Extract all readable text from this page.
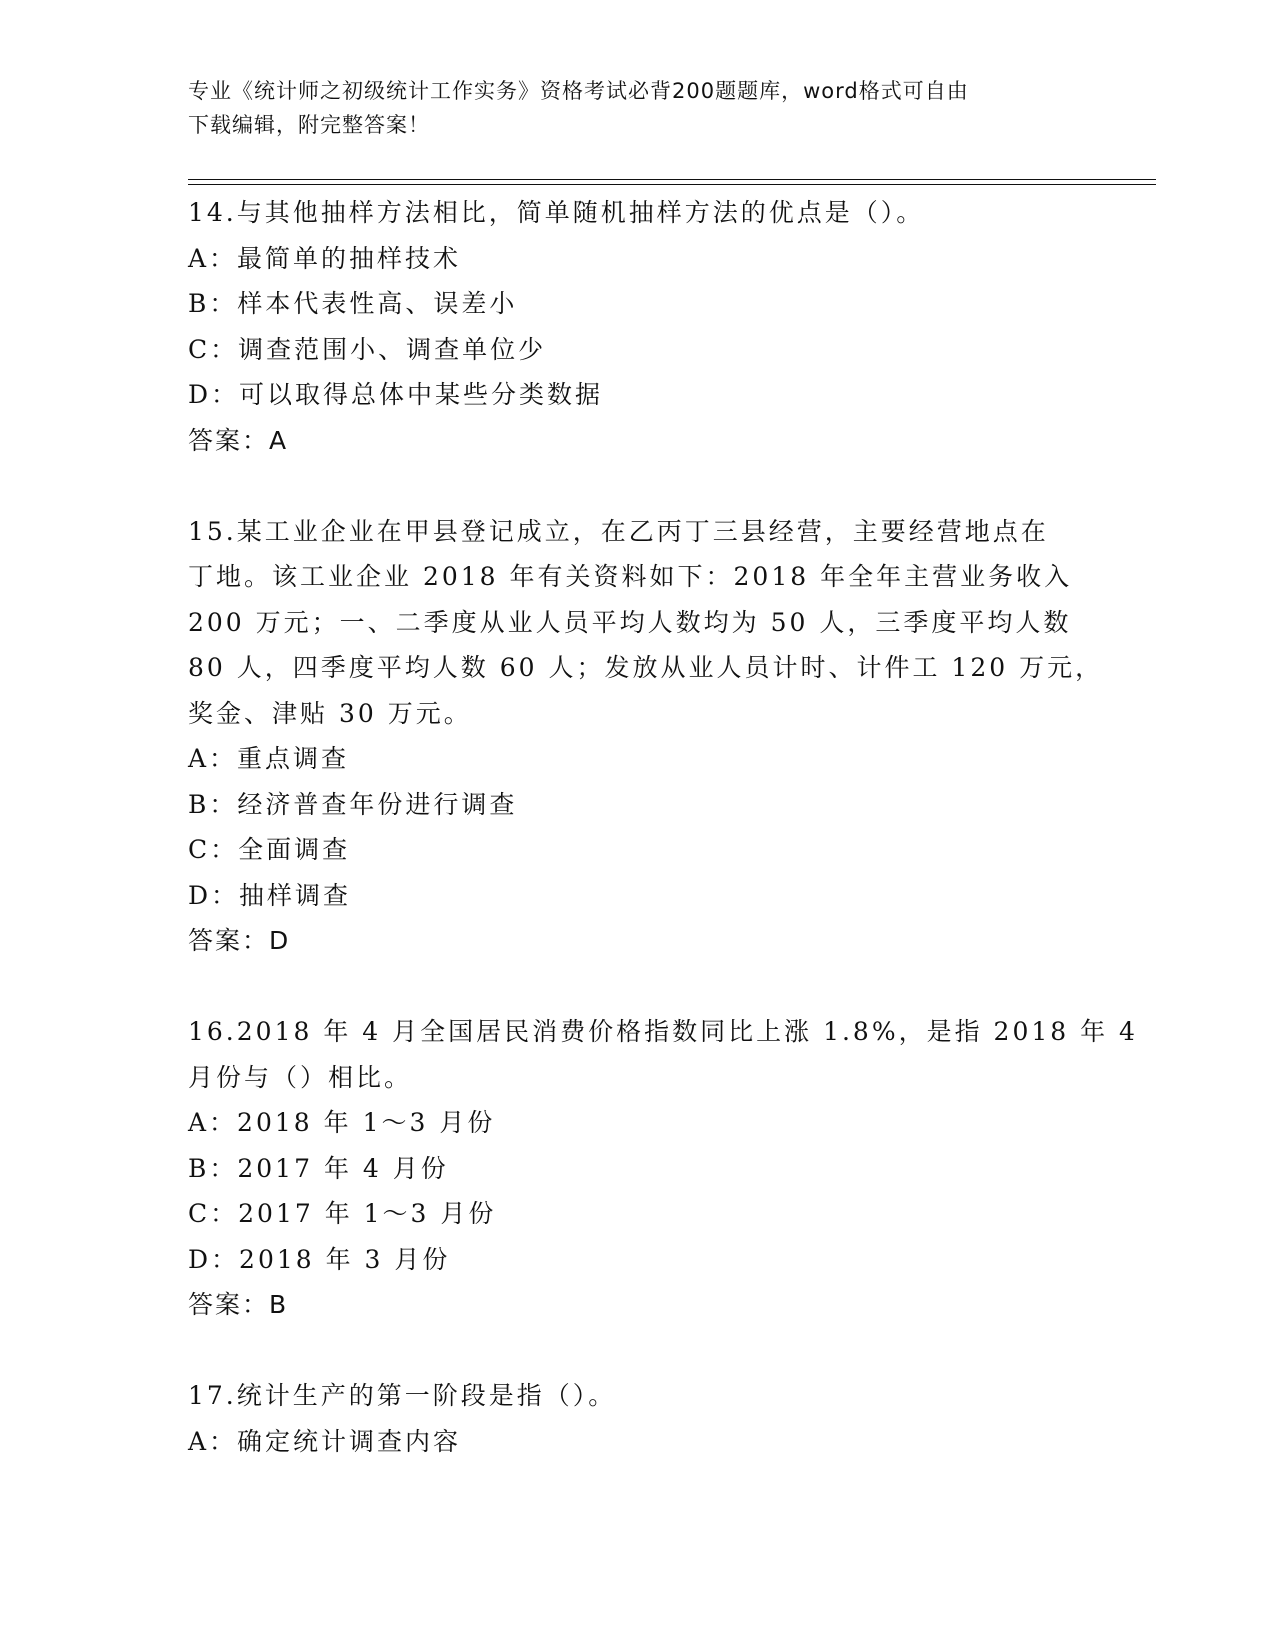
专业《统计师之初级统计工作实务》资格考试必背200题题库，word格式可自由
下载编辑，附完整答案！
14.与其他抽样方法相比，简单随机抽样方法的优点是（）。
A：最简单的抽样技术
B：样本代表性高、误差小
C：调查范围小、调查单位少
D：可以取得总体中某些分类数据
答案：A
15.某工业企业在甲县登记成立，在乙丙丁三县经营，主要经营地点在
丁地。该工业企业 2018 年有关资料如下：2018 年全年主营业务收入
200 万元；一、二季度从业人员平均人数均为 50 人，三季度平均人数
80 人，四季度平均人数 60 人；发放从业人员计时、计件工 120 万元，
奖金、津贴 30 万元。
A：重点调查
B：经济普查年份进行调查
C：全面调查
D：抽样调查
答案：D
16.2018 年 4 月全国居民消费价格指数同比上涨 1.8%，是指 2018 年 4
月份与（）相比。
A：2018 年 1～3 月份
B：2017 年 4 月份
C：2017 年 1～3 月份
D：2018 年 3 月份
答案：B
17.统计生产的第一阶段是指（）。
A：确定统计调查内容
